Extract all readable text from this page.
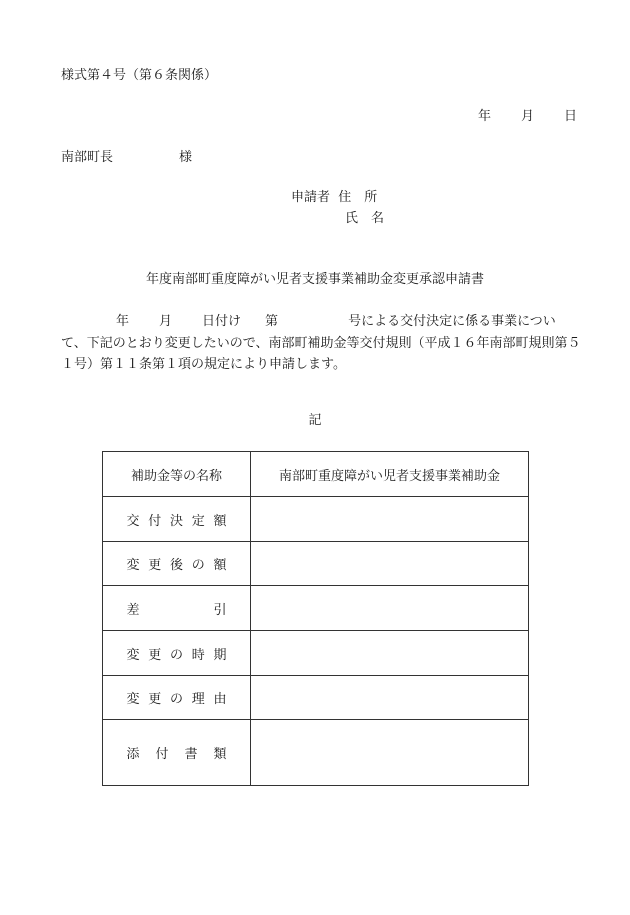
様式第４号（第６条関係）
年 月 日
南部町長	様
申請者 住　所
氏　名
年度南部町重度障がい児者支援事業補助金変更承認申請書
年 月 日付け 第	号による交付決定に係る事業について、下記のとおり変更したいので、南部町補助金等交付規則（平成１６年南部町規則第５１号）第１１条第１項の規定により申請します。
記
補助金等の名称	南部町重度障がい児者支援事業補助金
交付決定額	
変更後の額	
差引	
変更の時期	
変更の理由	
添付書類	
